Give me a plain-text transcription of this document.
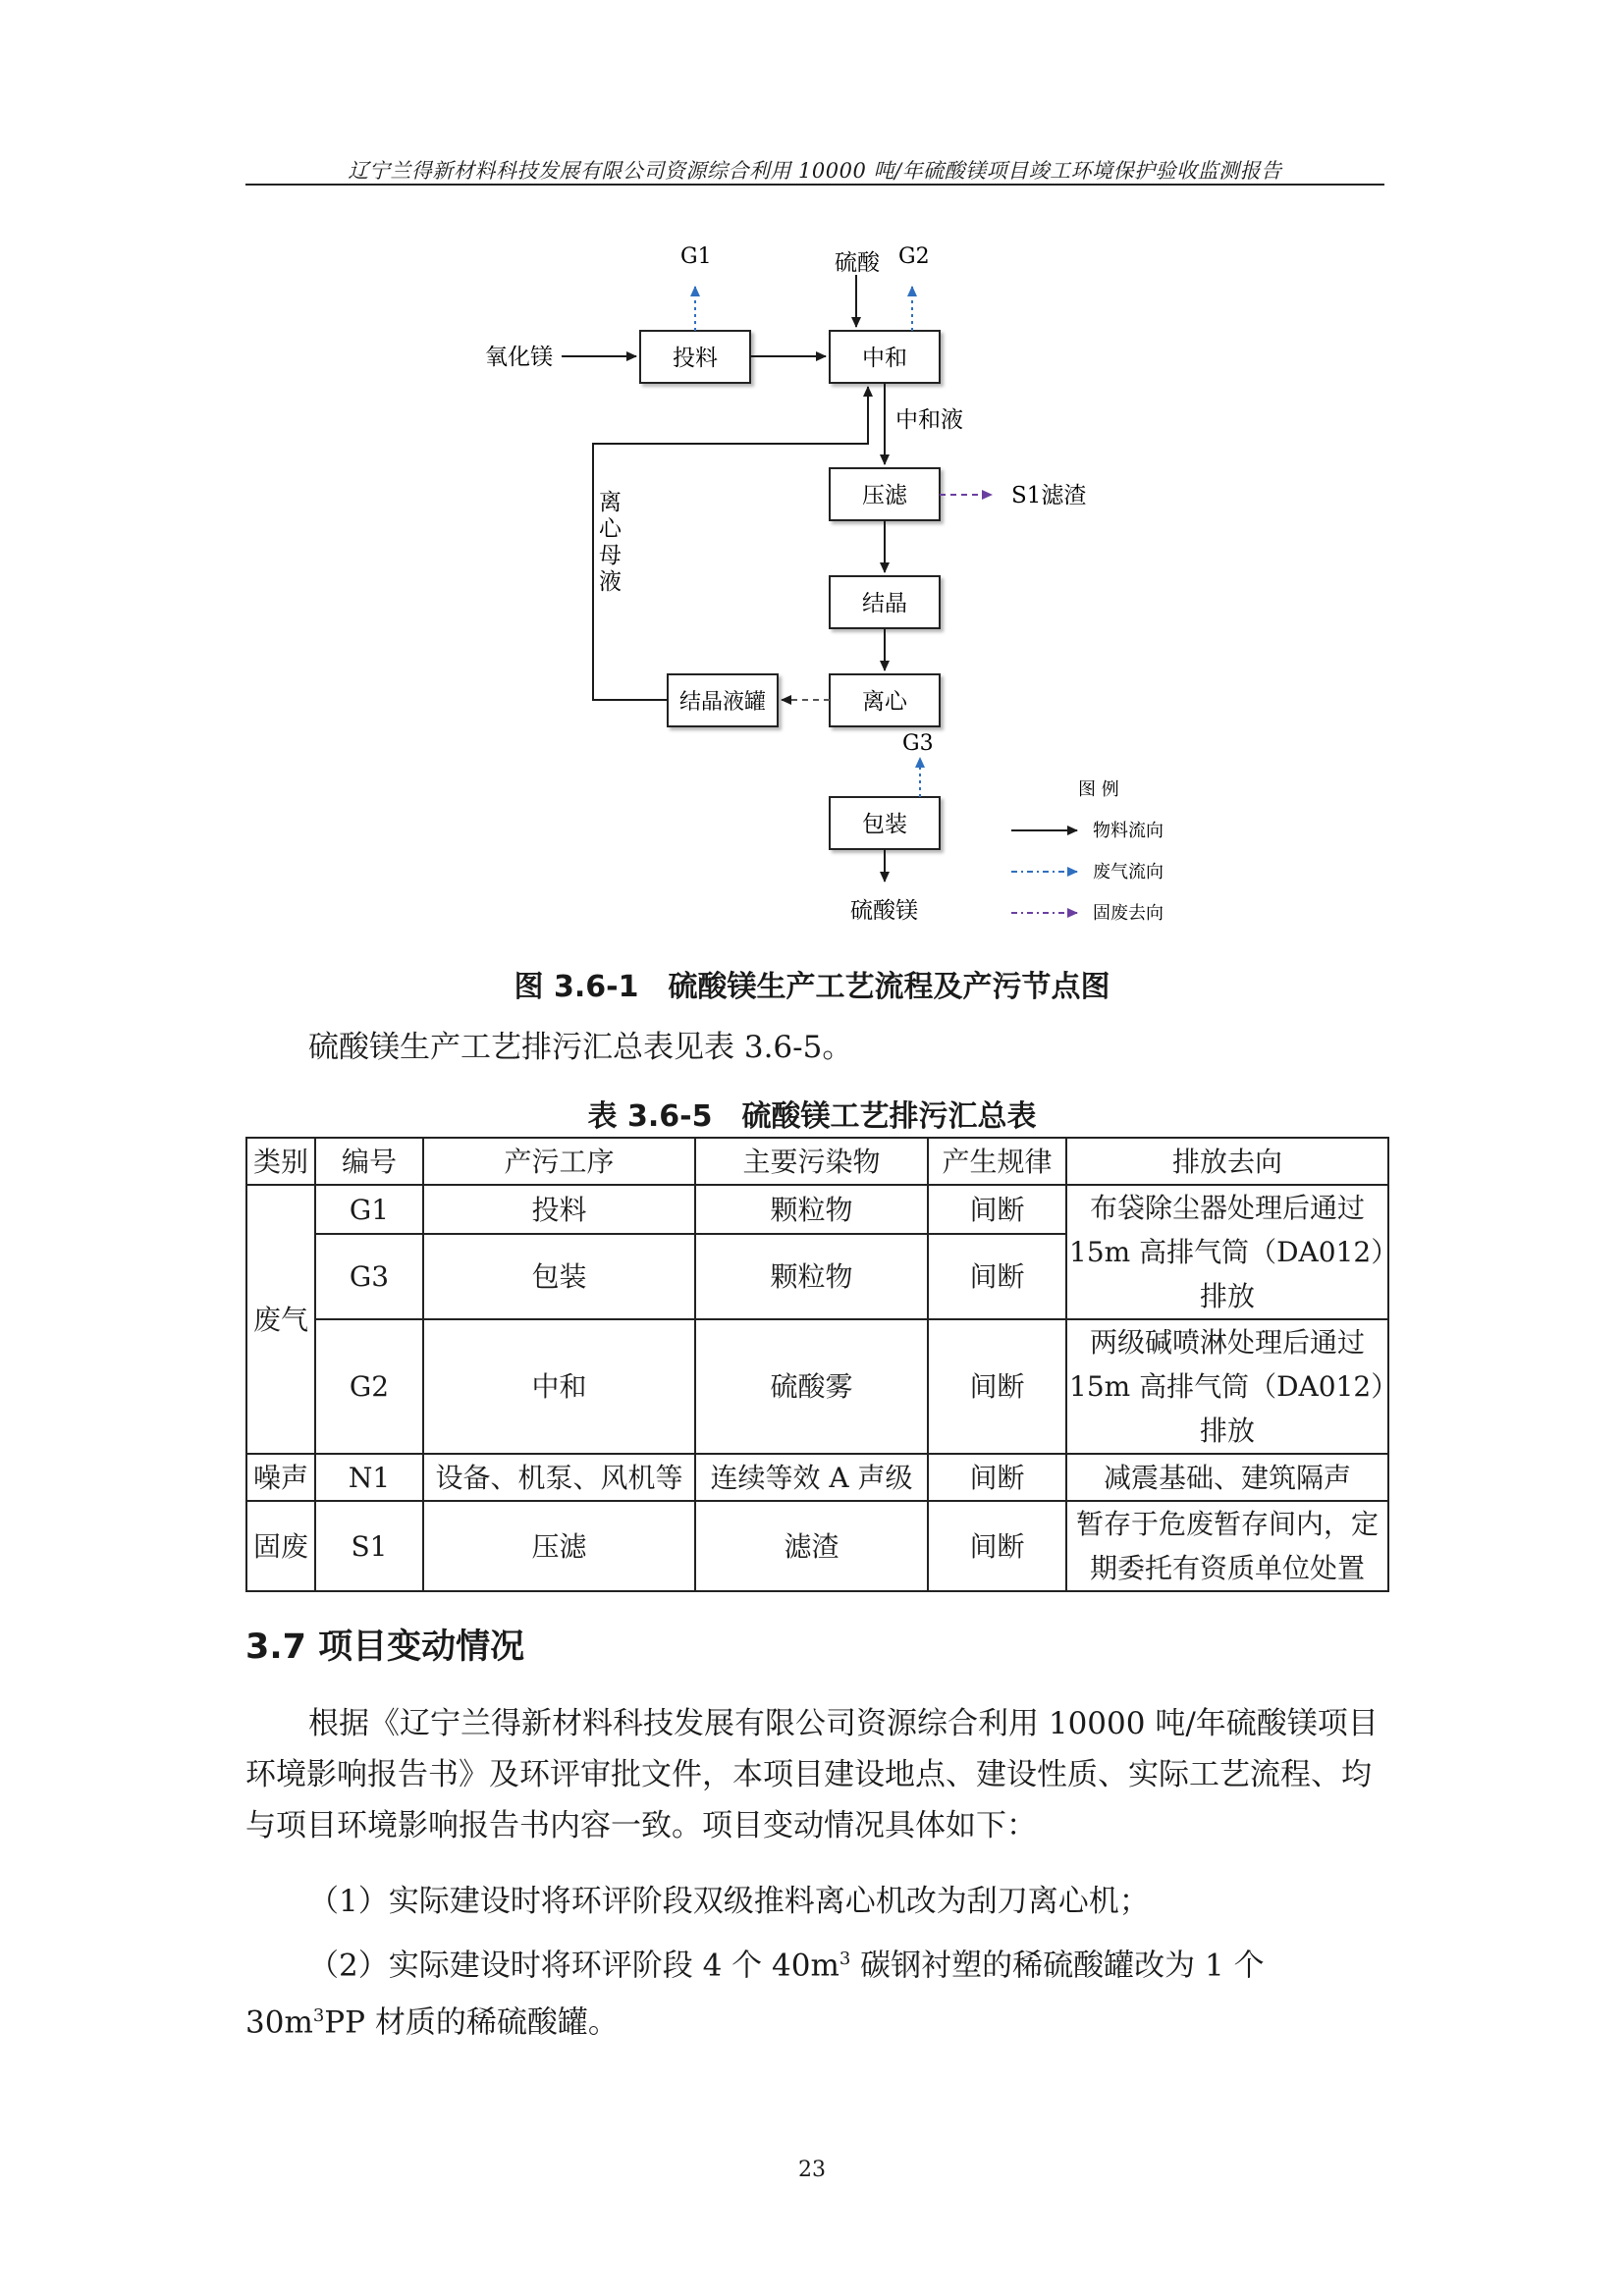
辽宁兰得新材料科技发展有限公司资源综合利用 10000 吨/年硫酸镁项目竣工环境保护验收监测报告
投料	中和
压滤
结晶
离心
结晶液罐
包装
氧化镁
硫酸
G1	G2
G3
中和液
S1滤渣
离
心
母
液
硫酸镁
图 例
物料流向
废气流向
固废去向
图 3.6-1 硫酸镁生产工艺流程及产污节点图
硫酸镁生产工艺排污汇总表见表 3.6-5。
表 3.6-5 硫酸镁工艺排污汇总表
类别	编号	产污工序	主要污染物	产生规律	排放去向
废气	G1	投料	颗粒物	间断	布袋除尘器处理后通过
15m 高排气筒（DA012）
排放

	G3	包装	颗粒物	间断	
	G2	中和	硫酸雾	间断	两级碱喷淋处理后通过
15m 高排气筒（DA012）
排放

噪声	N1	设备、机泵、风机等	连续等效 A 声级	间断	减震基础、建筑隔声
固废	S1	压滤	滤渣	间断	暂存于危废暂存间内，定
期委托有资质单位处置
3.7 项目变动情况
根据《辽宁兰得新材料科技发展有限公司资源综合利用 10000 吨/年硫酸镁项目环境影响报告书》及环评审批文件，本项目建设地点、建设性质、实际工艺流程、均与项目环境影响报告书内容一致。项目变动情况具体如下：
（1）实际建设时将环评阶段双级推料离心机改为刮刀离心机；
（2）实际建设时将环评阶段 4 个 $40m^3$ 碳钢衬塑的稀硫酸罐改为 1 个 $30m^3PP$ 材质的稀硫酸罐。
23
